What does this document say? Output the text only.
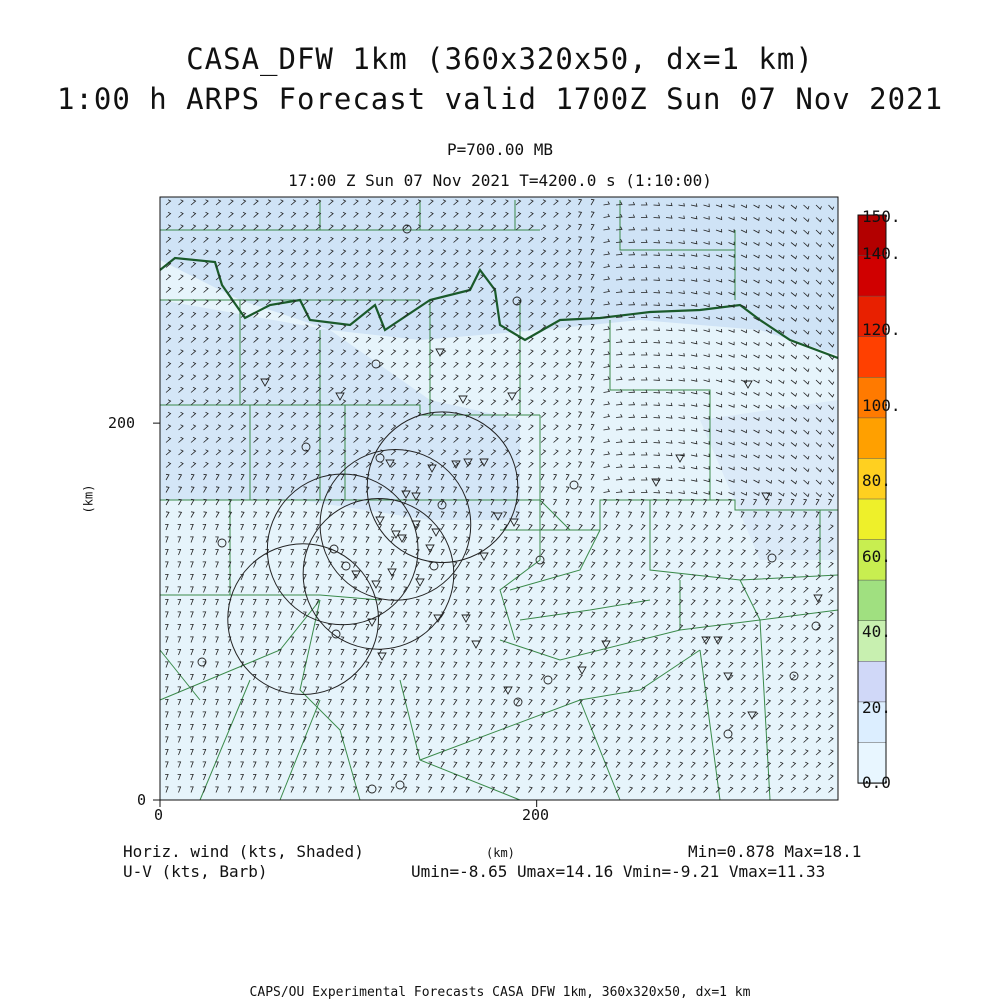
CASA_DFW 1km (360x320x50, dx=1 km)
1:00 h ARPS Forecast valid 1700Z Sun 07 Nov 2021
P=700.00 MB
17:00 Z Sun 07 Nov 2021 T=4200.0 s (1:10:00)
200
0
0	200
(km)
(km)
150.
140.
120.
100.
80.
60.
40.
20.
0.0
Horiz. wind (kts, Shaded)
U-V (kts, Barb)
Min=0.878 Max=18.1
Umin=-8.65 Umax=14.16 Vmin=-9.21 Vmax=11.33
CAPS/OU Experimental Forecasts CASA DFW 1km, 360x320x50, dx=1 km
